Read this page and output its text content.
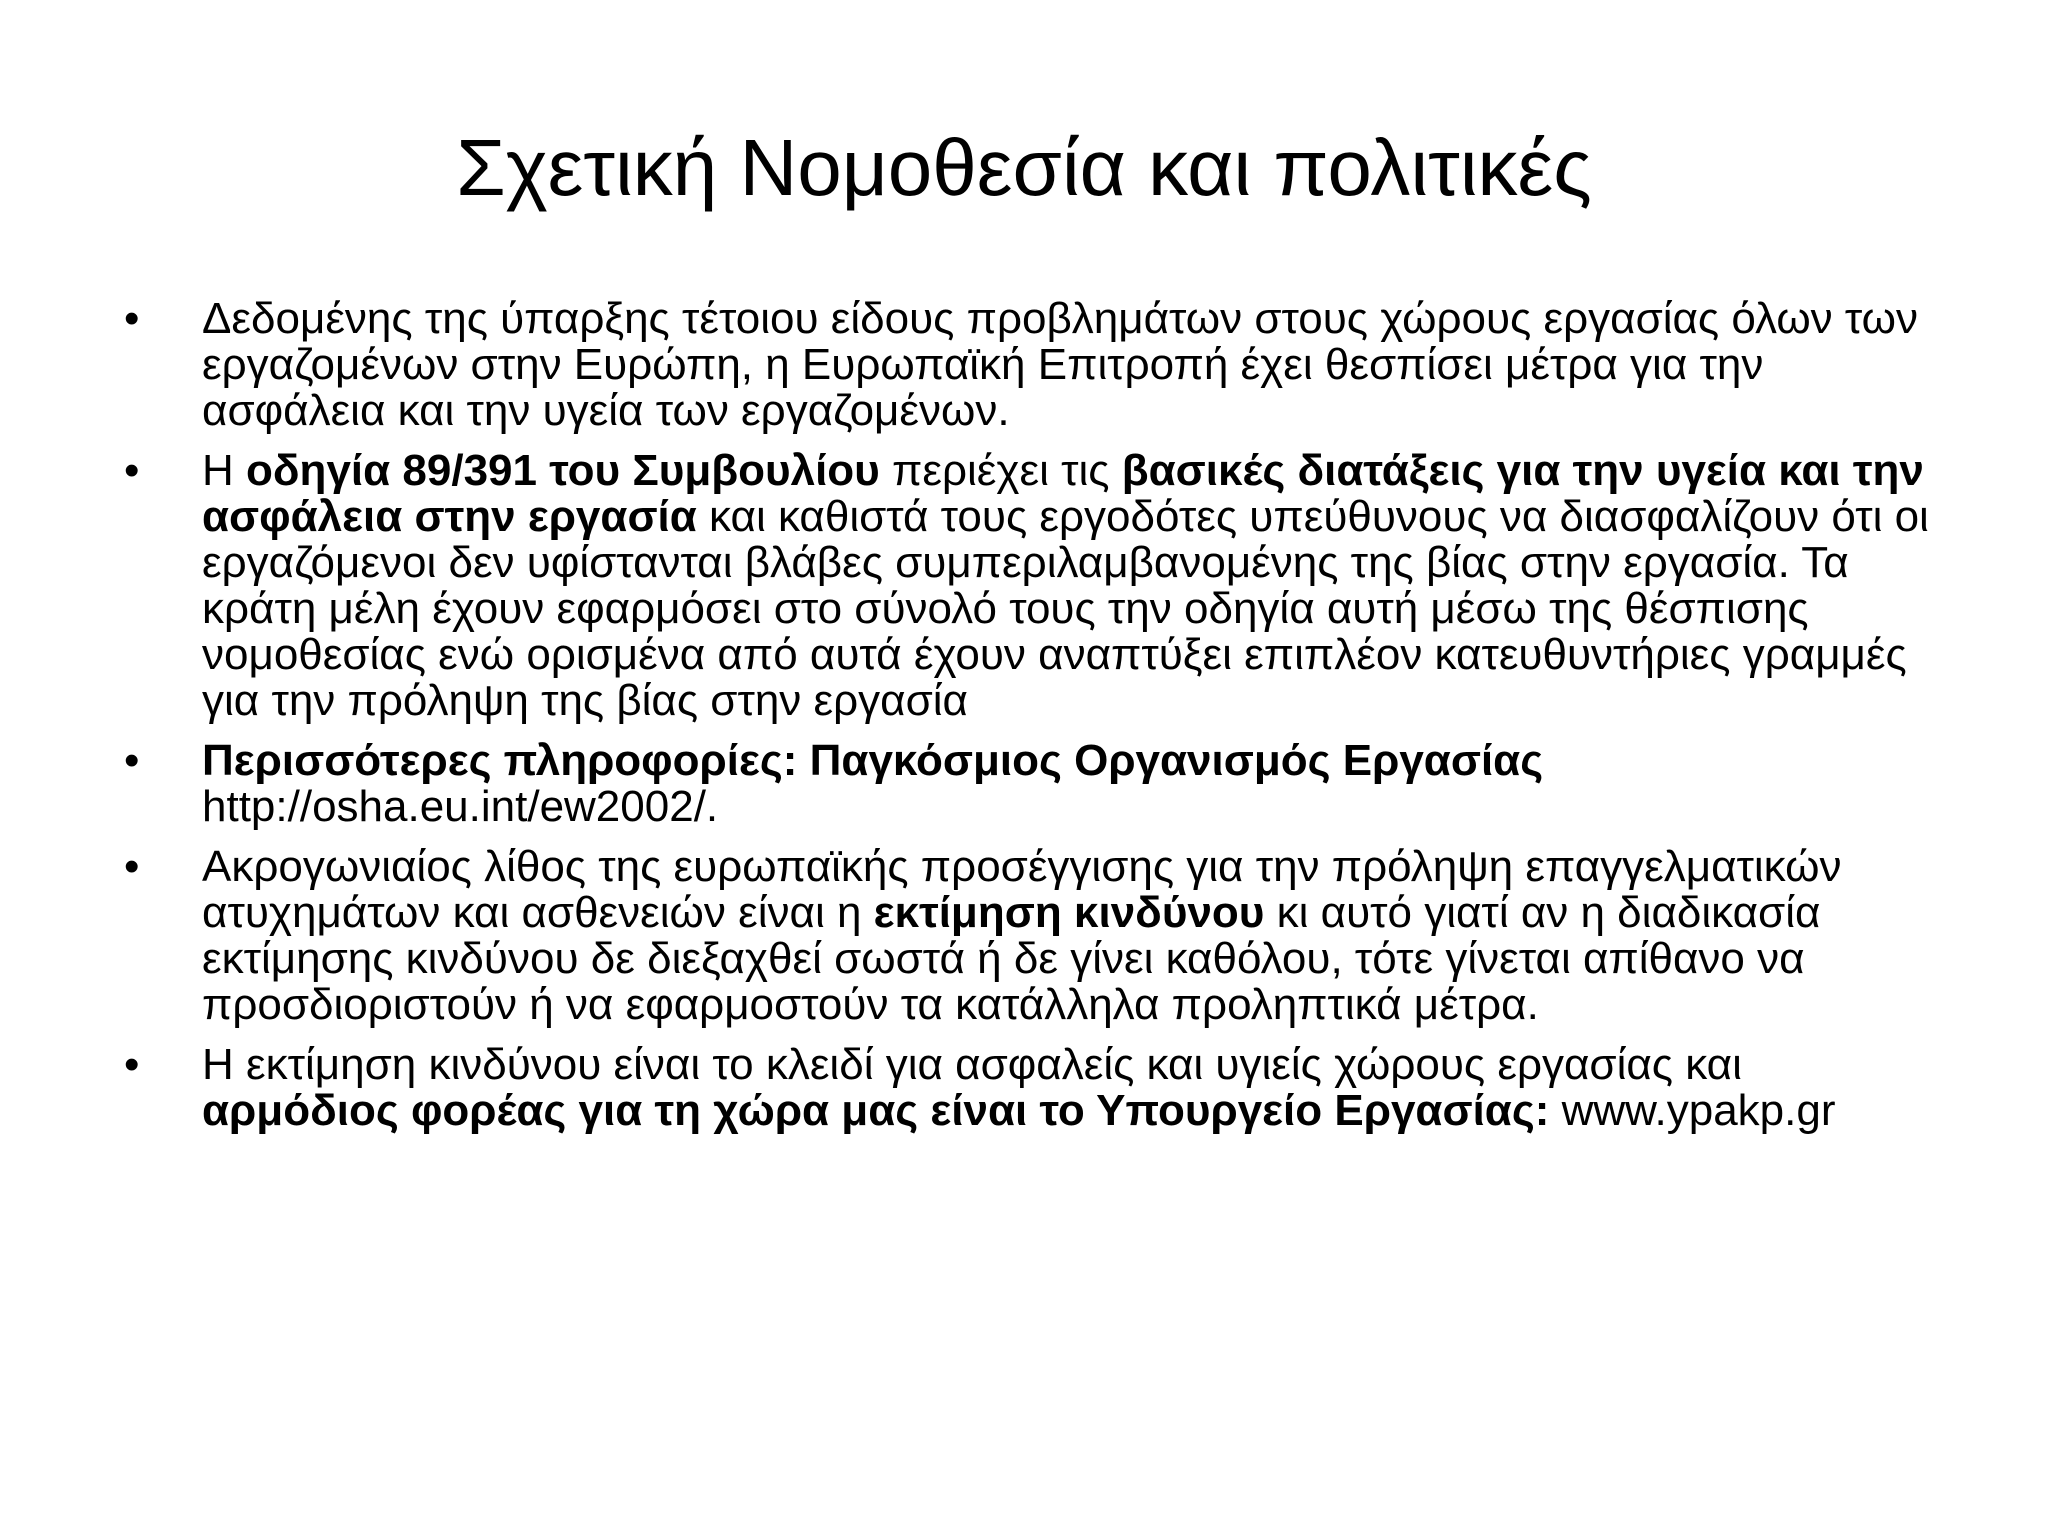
Σχετική Νομοθεσία και πολιτικές
• Δεδομένης της ύπαρξης τέτοιου είδους προβλημάτων στους χώρους εργασίας όλων των εργαζομένων στην Ευρώπη, η Ευρωπαϊκή Επιτροπή έχει θεσπίσει μέτρα για την ασφάλεια και την υγεία των εργαζομένων.
• Η οδηγία 89/391 του Συμβουλίου περιέχει τις βασικές διατάξεις για την υγεία και την ασφάλεια στην εργασία και καθιστά τους εργοδότες υπεύθυνους να διασφαλίζουν ότι οι εργαζόμενοι δεν υφίστανται βλάβες συμπεριλαμβανομένης της βίας στην εργασία. Τα κράτη μέλη έχουν εφαρμόσει στο σύνολό τους την οδηγία αυτή μέσω της θέσπισης νομοθεσίας ενώ ορισμένα από αυτά έχουν αναπτύξει επιπλέον κατευθυντήριες γραμμές για την πρόληψη της βίας στην εργασία
• Περισσότερες πληροφορίες: Παγκόσμιος Οργανισμός Εργασίας http://osha.eu.int/ew2002/.
• Ακρογωνιαίος λίθος της ευρωπαϊκής προσέγγισης για την πρόληψη επαγγελματικών ατυχημάτων και ασθενειών είναι η εκτίμηση κινδύνου κι αυτό γιατί αν η διαδικασία εκτίμησης κινδύνου δε διεξαχθεί σωστά ή δε γίνει καθόλου, τότε γίνεται απίθανο να προσδιοριστούν ή να εφαρμοστούν τα κατάλληλα προληπτικά μέτρα.
• Η εκτίμηση κινδύνου είναι το κλειδί για ασφαλείς και υγιείς χώρους εργασίας και αρμόδιος φορέας για τη χώρα μας είναι το Υπουργείο Εργασίας: www.ypakp.gr
